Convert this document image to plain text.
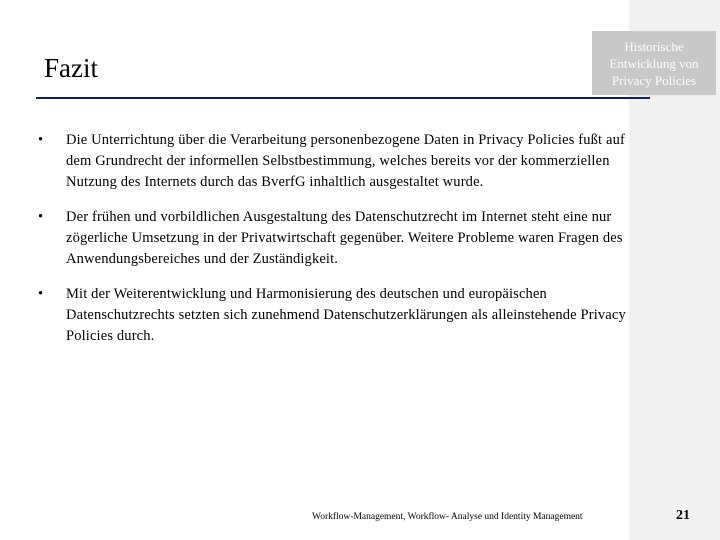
Historische
Entwicklung von
Privacy Policies
Fazit
•	Die Unterrichtung über die Verarbeitung personenbezogene Daten in Privacy Policies fußt auf dem Grundrecht der informellen Selbstbestimmung, welches bereits vor der kommerziellen Nutzung des Internets durch das BverfG inhaltlich ausgestaltet wurde.
•	Der frühen und vorbildlichen Ausgestaltung des Datenschutzrecht im Internet steht eine nur zögerliche Umsetzung in der Privatwirtschaft gegenüber. Weitere Probleme waren Fragen des Anwendungsbereiches und der Zuständigkeit.
•	Mit der Weiterentwicklung und Harmonisierung des deutschen und europäischen Datenschutzrechts setzten sich zunehmend Datenschutzerklärungen als alleinstehende Privacy Policies durch.
Workflow-Management, Workflow- Analyse und Identity Management	21
